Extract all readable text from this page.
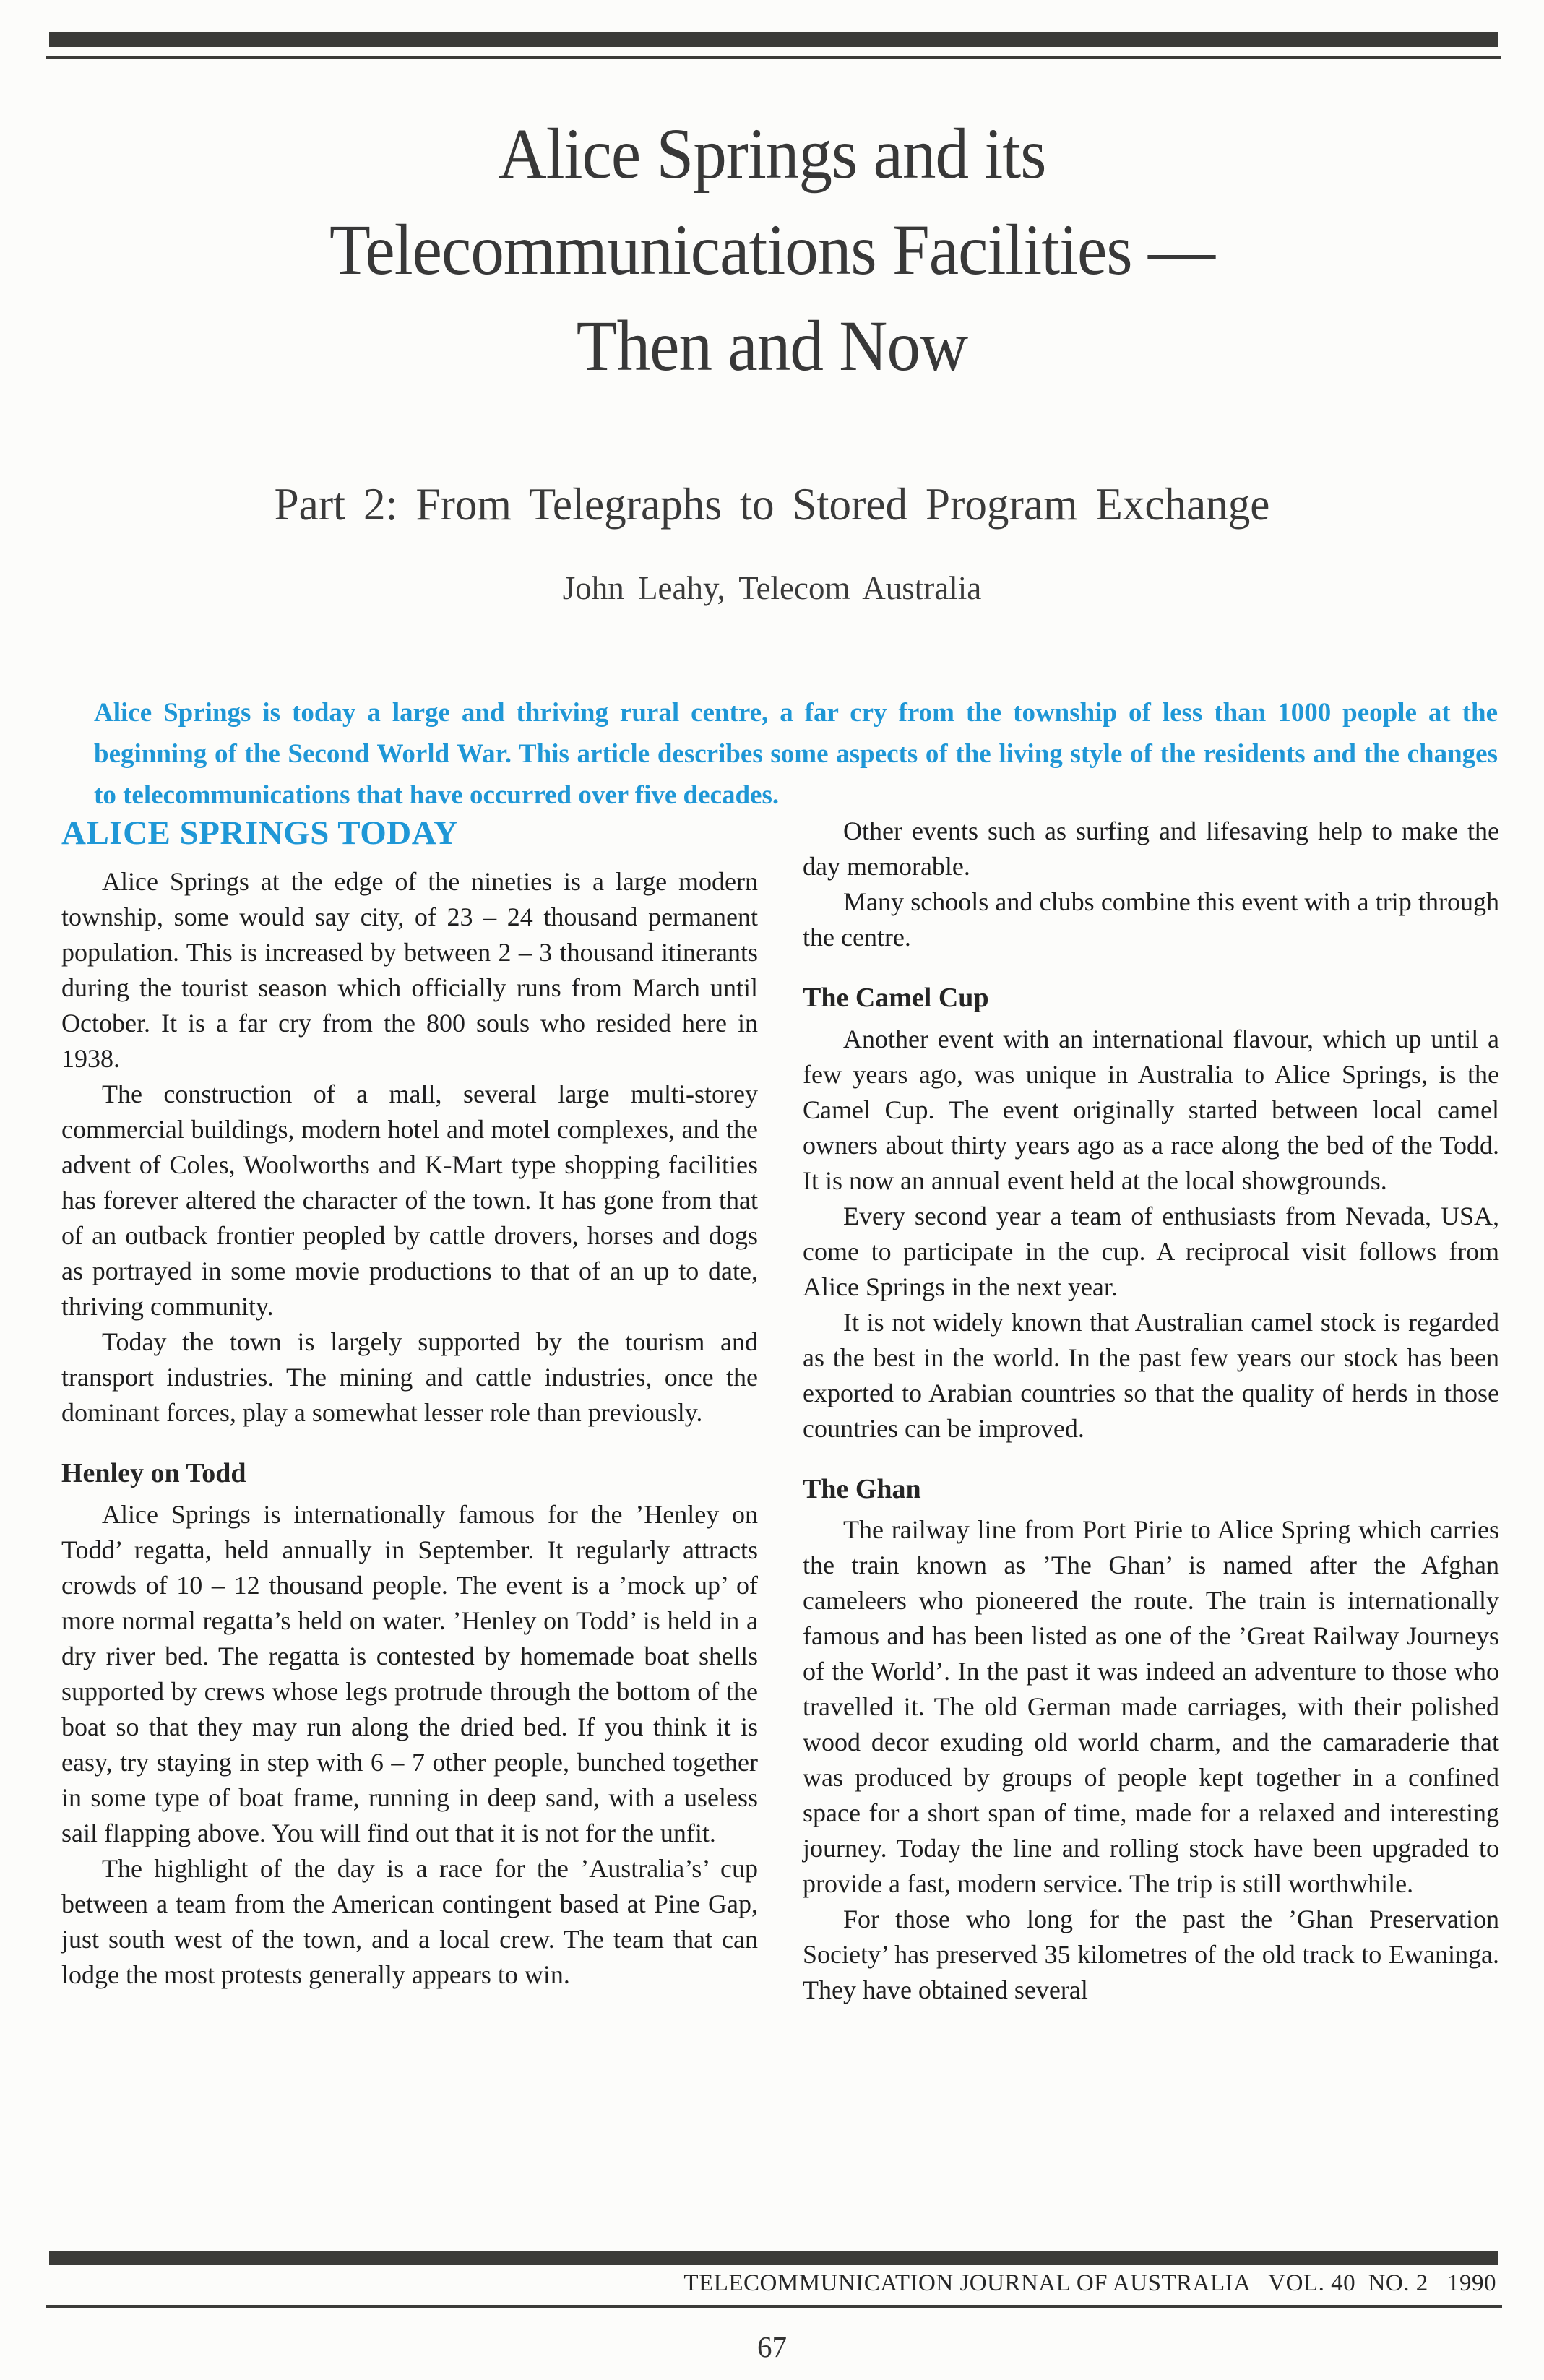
Alice Springs and its
Telecommunications Facilities —
Then and Now
Part 2: From Telegraphs to Stored Program Exchange
John Leahy, Telecom Australia
Alice Springs is today a large and thriving rural centre, a far cry from the township of less than 1000 people at the beginning of the Second World War. This article describes some aspects of the living style of the residents and the changes to telecommunications that have occurred over five decades.
ALICE SPRINGS TODAY

Alice Springs at the edge of the nineties is a large modern township, some would say city, of 23 – 24 thousand permanent population. This is increased by between 2 – 3 thousand itinerants during the tourist season which officially runs from March until October. It is a far cry from the 800 souls who resided here in 1938.

The construction of a mall, several large multi-storey commercial buildings, modern hotel and motel complexes, and the advent of Coles, Woolworths and K-Mart type shopping facilities has forever altered the character of the town. It has gone from that of an outback frontier peopled by cattle drovers, horses and dogs as portrayed in some movie productions to that of an up to date, thriving community.

Today the town is largely supported by the tourism and transport industries. The mining and cattle industries, once the dominant forces, play a somewhat lesser role than previously.

Henley on Todd

Alice Springs is internationally famous for the ’Henley on Todd’ regatta, held annually in September. It regularly attracts crowds of 10 – 12 thousand people. The event is a ’mock up’ of more normal regatta’s held on water. ’Henley on Todd’ is held in a dry river bed. The regatta is contested by homemade boat shells supported by crews whose legs protrude through the bottom of the boat so that they may run along the dried bed. If you think it is easy, try staying in step with 6 – 7 other people, bunched together in some type of boat frame, running in deep sand, with a useless sail flapping above. You will find out that it is not for the unfit.

The highlight of the day is a race for the ’Australia’s’ cup between a team from the American contingent based at Pine Gap, just south west of the town, and a local crew. The team that can lodge the most protests generally appears to win.

Other events such as surfing and lifesaving help to make the day memorable.

Many schools and clubs combine this event with a trip through the centre.

The Camel Cup

Another event with an international flavour, which up until a few years ago, was unique in Australia to Alice Springs, is the Camel Cup. The event originally started between local camel owners about thirty years ago as a race along the bed of the Todd. It is now an annual event held at the local showgrounds.

Every second year a team of enthusiasts from Nevada, USA, come to participate in the cup. A reciprocal visit follows from Alice Springs in the next year.

It is not widely known that Australian camel stock is regarded as the best in the world. In the past few years our stock has been exported to Arabian countries so that the quality of herds in those countries can be improved.

The Ghan

The railway line from Port Pirie to Alice Spring which carries the train known as ’The Ghan’ is named after the Afghan cameleers who pioneered the route. The train is internationally famous and has been listed as one of the ’Great Railway Journeys of the World’. In the past it was indeed an adventure to those who travelled it. The old German made carriages, with their polished wood decor exuding old world charm, and the camaraderie that was produced by groups of people kept together in a confined space for a short span of time, made for a relaxed and interesting journey. Today the line and rolling stock have been upgraded to provide a fast, modern service. The trip is still worthwhile.

For those who long for the past the ’Ghan Preservation Society’ has preserved 35 kilometres of the old track to Ewaninga. They have obtained several

TELECOMMUNICATION JOURNAL OF AUSTRALIA   VOL. 40  NO. 2   1990
67
